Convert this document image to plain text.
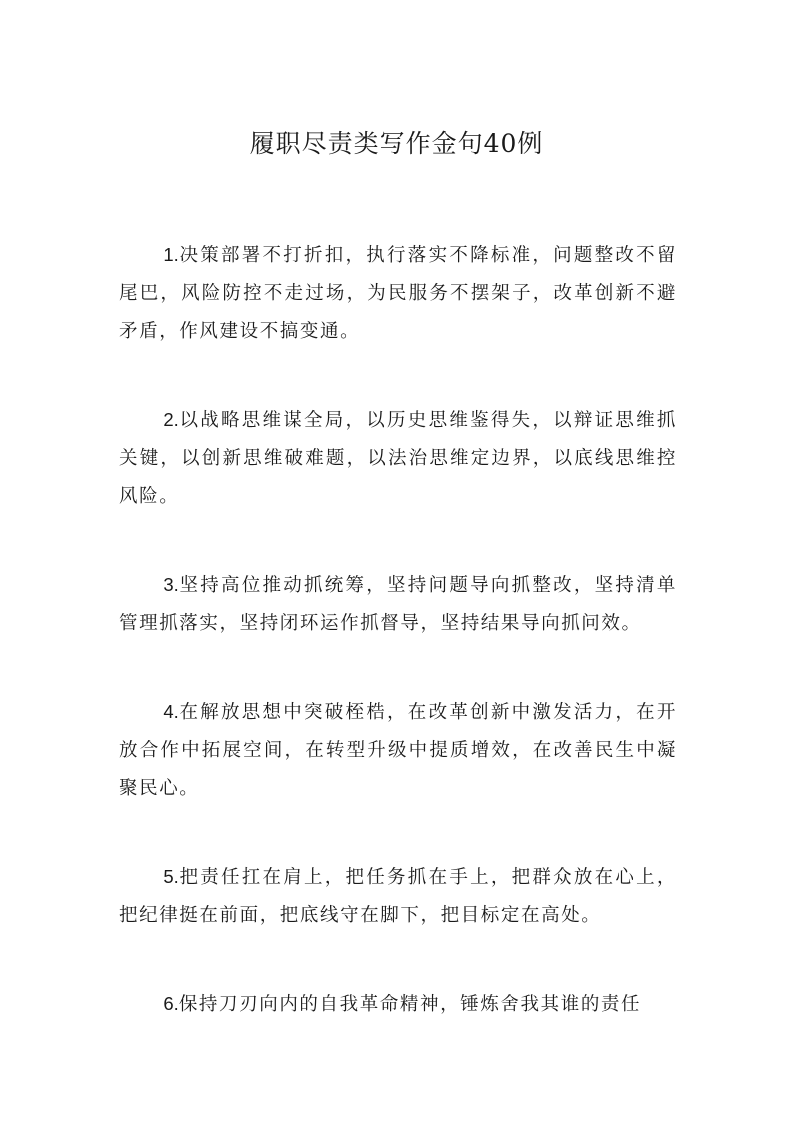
履职尽责类写作金句40例

1.决策部署不打折扣，执行落实不降标准，问题整改不留尾巴，风险防控不走过场，为民服务不摆架子，改革创新不避矛盾，作风建设不搞变通。

2.以战略思维谋全局，以历史思维鉴得失，以辩证思维抓关键，以创新思维破难题，以法治思维定边界，以底线思维控风险。

3.坚持高位推动抓统筹，坚持问题导向抓整改，坚持清单管理抓落实，坚持闭环运作抓督导，坚持结果导向抓问效。

4.在解放思想中突破桎梏，在改革创新中激发活力，在开放合作中拓展空间，在转型升级中提质增效，在改善民生中凝聚民心。

5.把责任扛在肩上，把任务抓在手上，把群众放在心上，把纪律挺在前面，把底线守在脚下，把目标定在高处。

6.保持刀刃向内的自我革命精神，锤炼舍我其谁的责任
